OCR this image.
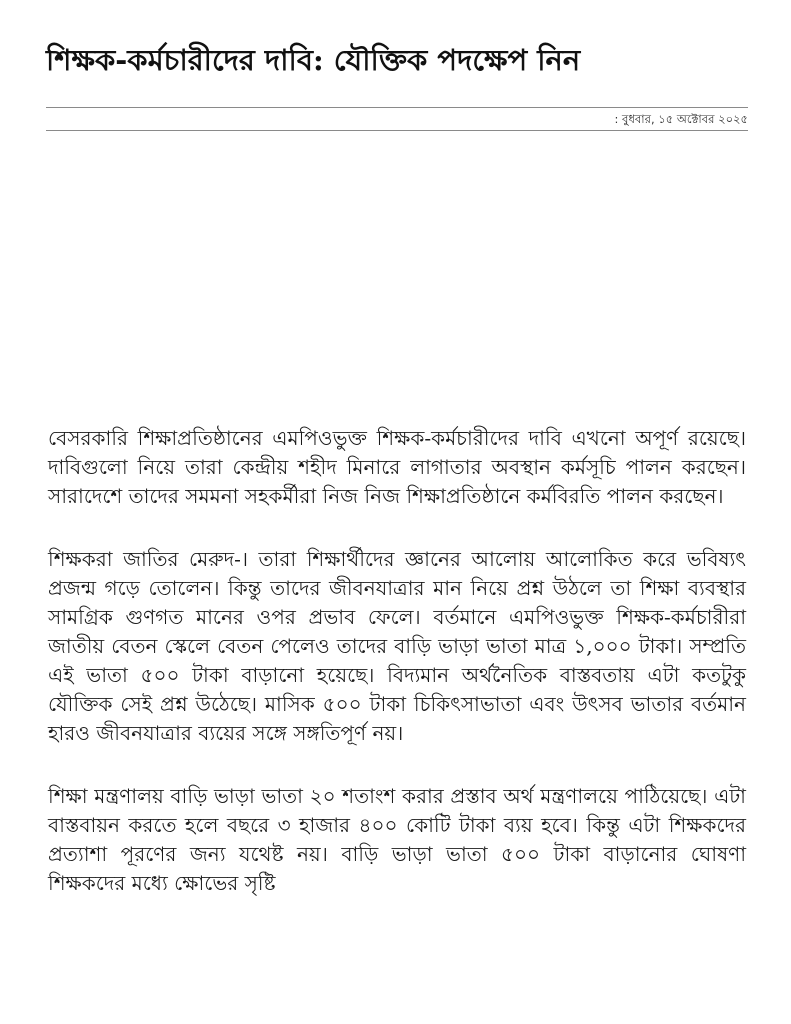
শিক্ষক-কর্মচারীদের দাবি: যৌক্তিক পদক্ষেপ নিন
: বুধবার, ১৫ অক্টোবর ২০২৫

বেসরকারি শিক্ষাপ্রতিষ্ঠানের এমপিওভুক্ত শিক্ষক-কর্মচারীদের দাবি এখনো অপূর্ণ রয়েছে। দাবিগুলো নিয়ে তারা কেন্দ্রীয় শহীদ মিনারে লাগাতার অবস্থান কর্মসূচি পালন করছেন। সারাদেশে তাদের সমমনা সহকর্মীরা নিজ নিজ শিক্ষাপ্রতিষ্ঠানে কর্মবিরতি পালন করছেন।

শিক্ষকরা জাতির মেরুদ-। তারা শিক্ষার্থীদের জ্ঞানের আলোয় আলোকিত করে ভবিষ্যৎ প্রজন্ম গড়ে তোলেন। কিন্তু তাদের জীবনযাত্রার মান নিয়ে প্রশ্ন উঠলে তা শিক্ষা ব্যবস্থার সামগ্রিক গুণগত মানের ওপর প্রভাব ফেলে। বর্তমানে এমপিওভুক্ত শিক্ষক-কর্মচারীরা জাতীয় বেতন স্কেলে বেতন পেলেও তাদের বাড়ি ভাড়া ভাতা মাত্র ১,০০০ টাকা। সম্প্রতি এই ভাতা ৫০০ টাকা বাড়ানো হয়েছে। বিদ্যমান অর্থনৈতিক বাস্তবতায় এটা কতটুকু যৌক্তিক সেই প্রশ্ন উঠেছে। মাসিক ৫০০ টাকা চিকিৎসাভাতা এবং উৎসব ভাতার বর্তমান হারও জীবনযাত্রার ব্যয়ের সঙ্গে সঙ্গতিপূর্ণ নয়।

শিক্ষা মন্ত্রণালয় বাড়ি ভাড়া ভাতা ২০ শতাংশ করার প্রস্তাব অর্থ মন্ত্রণালয়ে পাঠিয়েছে। এটা বাস্তবায়ন করতে হলে বছরে ৩ হাজার ৪০০ কোটি টাকা ব্যয় হবে। কিন্তু এটা শিক্ষকদের প্রত্যাশা পূরণের জন্য যথেষ্ট নয়। বাড়ি ভাড়া ভাতা ৫০০ টাকা বাড়ানোর ঘোষণা শিক্ষকদের মধ্যে ক্ষোভের সৃষ্টি
